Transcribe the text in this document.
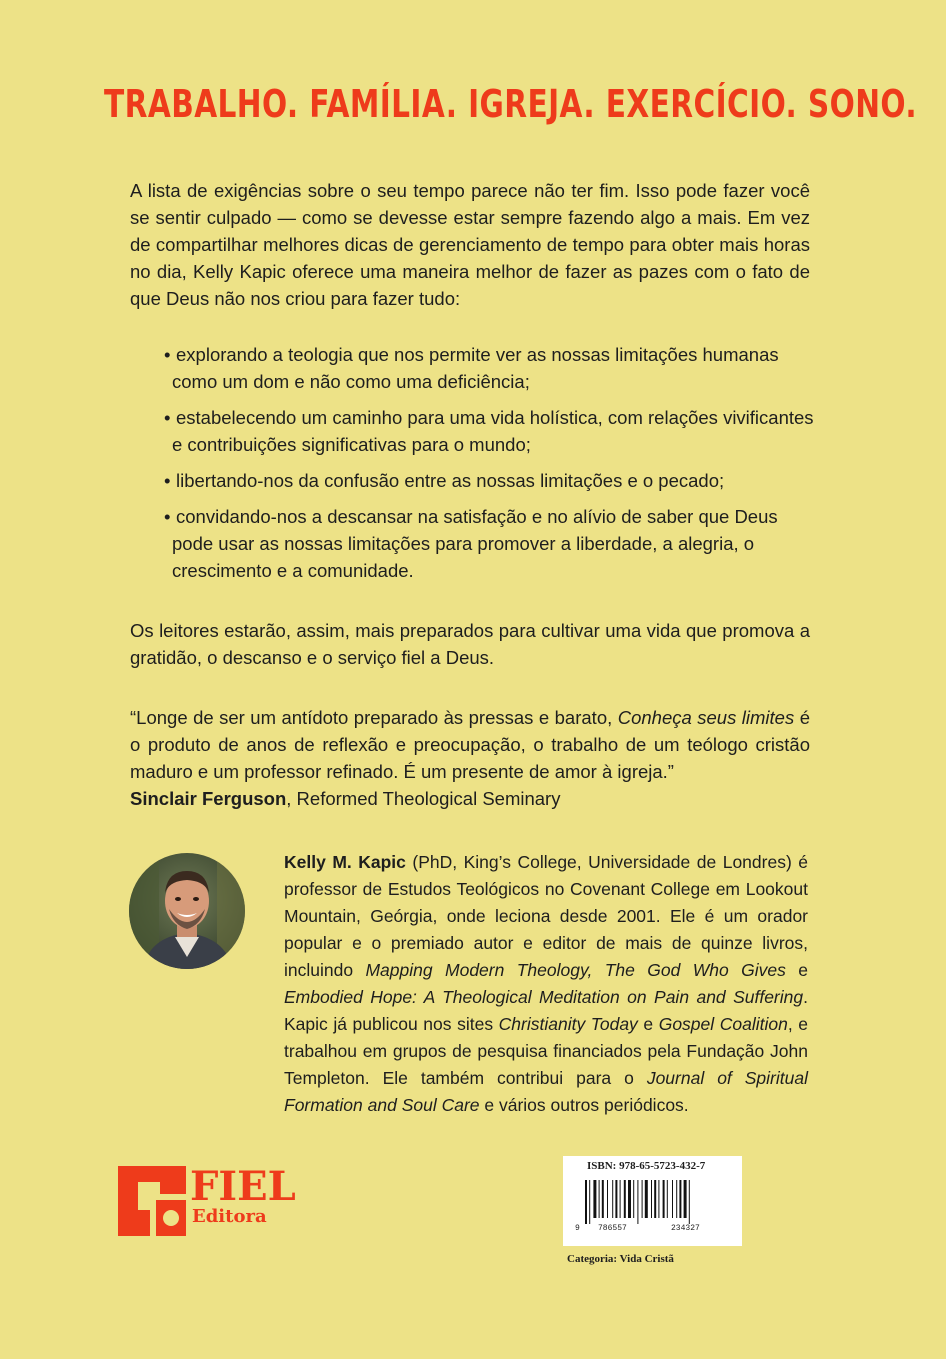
TRABALHO. FAMÍLIA. IGREJA. EXERCÍCIO. SONO.
A lista de exigências sobre o seu tempo parece não ter fim. Isso pode fazer você se sentir culpado — como se devesse estar sempre fazendo algo a mais. Em vez de compartilhar melhores dicas de gerenciamento de tempo para obter mais horas no dia, Kelly Kapic oferece uma maneira melhor de fazer as pazes com o fato de que Deus não nos criou para fazer tudo:
• explorando a teologia que nos permite ver as nossas limitações humanas como um dom e não como uma deficiência;
• estabelecendo um caminho para uma vida holística, com relações vivificantes e contribuições significativas para o mundo;
• libertando-nos da confusão entre as nossas limitações e o pecado;
• convidando-nos a descansar na satisfação e no alívio de saber que Deus pode usar as nossas limitações para promover a liberdade, a alegria, o crescimento e a comunidade.
Os leitores estarão, assim, mais preparados para cultivar uma vida que promova a gratidão, o descanso e o serviço fiel a Deus.
“Longe de ser um antídoto preparado às pressas e barato, Conheça seus limites é o produto de anos de reflexão e preocupação, o trabalho de um teólogo cristão maduro e um professor refinado. É um presente de amor à igreja.”
Sinclair Ferguson, Reformed Theological Seminary
Kelly M. Kapic (PhD, King’s College, Universidade de Londres) é professor de Estudos Teológicos no Covenant College em Lookout Mountain, Geórgia, onde leciona desde 2001. Ele é um orador popular e o premiado autor e editor de mais de quinze livros, incluindo Mapping Modern Theology, The God Who Gives e Embodied Hope: A Theological Meditation on Pain and Suffering. Kapic já publicou nos sites Christianity Today e Gospel Coalition, e trabalhou em grupos de pesquisa financiados pela Fundação John Templeton. Ele também contribui para o Journal of Spiritual Formation and Soul Care e vários outros periódicos.
FIEL
Editora
ISBN: 978-65-5723-432-7
9 786557	234327
Categoria: Vida Cristã
